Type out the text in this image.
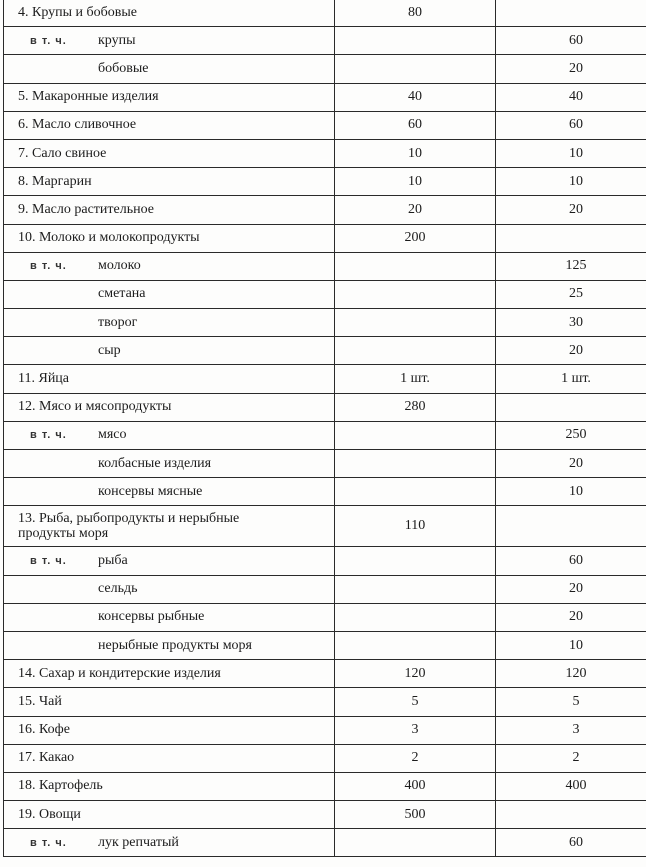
4. Крупы и бобовые	80	
в т. ч. крупы		60
бобовые		20
5. Макаронные изделия	40	40
6. Масло сливочное	60	60
7. Сало свиное	10	10
8. Маргарин	10	10
9. Масло растительное	20	20
10. Молоко и молокопродукты	200	
в т. ч. молоко		125
сметана		25
творог		30
сыр		20
11. Яйца	1 шт.	1 шт.
12. Мясо и мясопродукты	280	
в т. ч. мясо		250
колбасные изделия		20
консервы мясные		10

13. Рыба, рыбопродукты и нерыбные
продукты моря	110	
в т. ч. рыба		60
сельдь		20
консервы рыбные		20
нерыбные продукты моря		10
14. Сахар и кондитерские изделия	120	120
15. Чай	5	5
16. Кофе	3	3
17. Какао	2	2
18. Картофель	400	400
19. Овощи	500	
в т. ч. лук репчатый		60
